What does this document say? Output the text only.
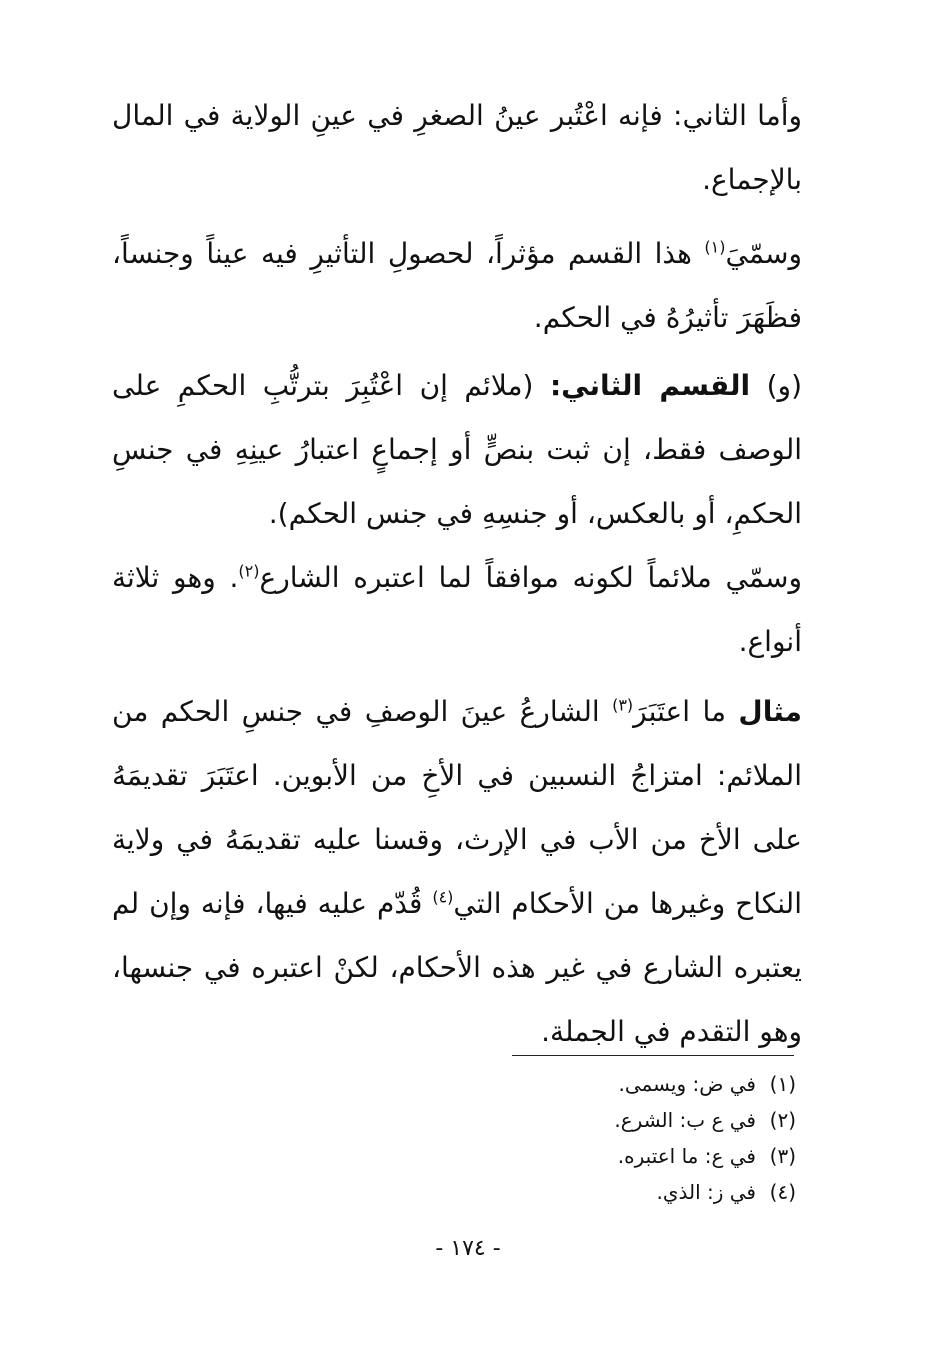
وأما الثاني: فإنه اعْتُبر عينُ الصغرِ في عينِ الولاية في المال بالإجماع.

وسمّيَ$^{(١)}$ هذا القسم مؤثراً، لحصولِ التأثيرِ فيه عيناً وجنساً، فظَهَرَ تأثيرُهُ في الحكم.

(و) القسم الثاني: (ملائم إن اعْتُبِرَ بترتُّبِ الحكمِ على الوصف فقط، إن ثبت بنصٍّ أو إجماعٍ اعتبارُ عينِهِ في جنسِ الحكمِ، أو بالعكس، أو جنسِهِ في جنس الحكم).

وسمّي ملائماً لكونه موافقاً لما اعتبره الشارع$^{(٢)}$. وهو ثلاثة أنواع.

مثال ما اعتَبَرَ$^{(٣)}$ الشارعُ عينَ الوصفِ في جنسِ الحكم من الملائم: امتزاجُ النسبين في الأخِ من الأبوين. اعتَبَرَ تقديمَهُ على الأخ من الأب في الإرث، وقسنا عليه تقديمَهُ في ولاية النكاح وغيرها من الأحكام التي$^{(٤)}$ قُدّم عليه فيها، فإنه وإن لم يعتبره الشارع في غير هذه الأحكام، لكنْ اعتبره في جنسها، وهو التقدم في الجملة.

(١)في ض: ويسمى.

(٢)في ع ب: الشرع.

(٣)في ع: ما اعتبره.

(٤)في ز: الذي.

- ١٧٤ -
